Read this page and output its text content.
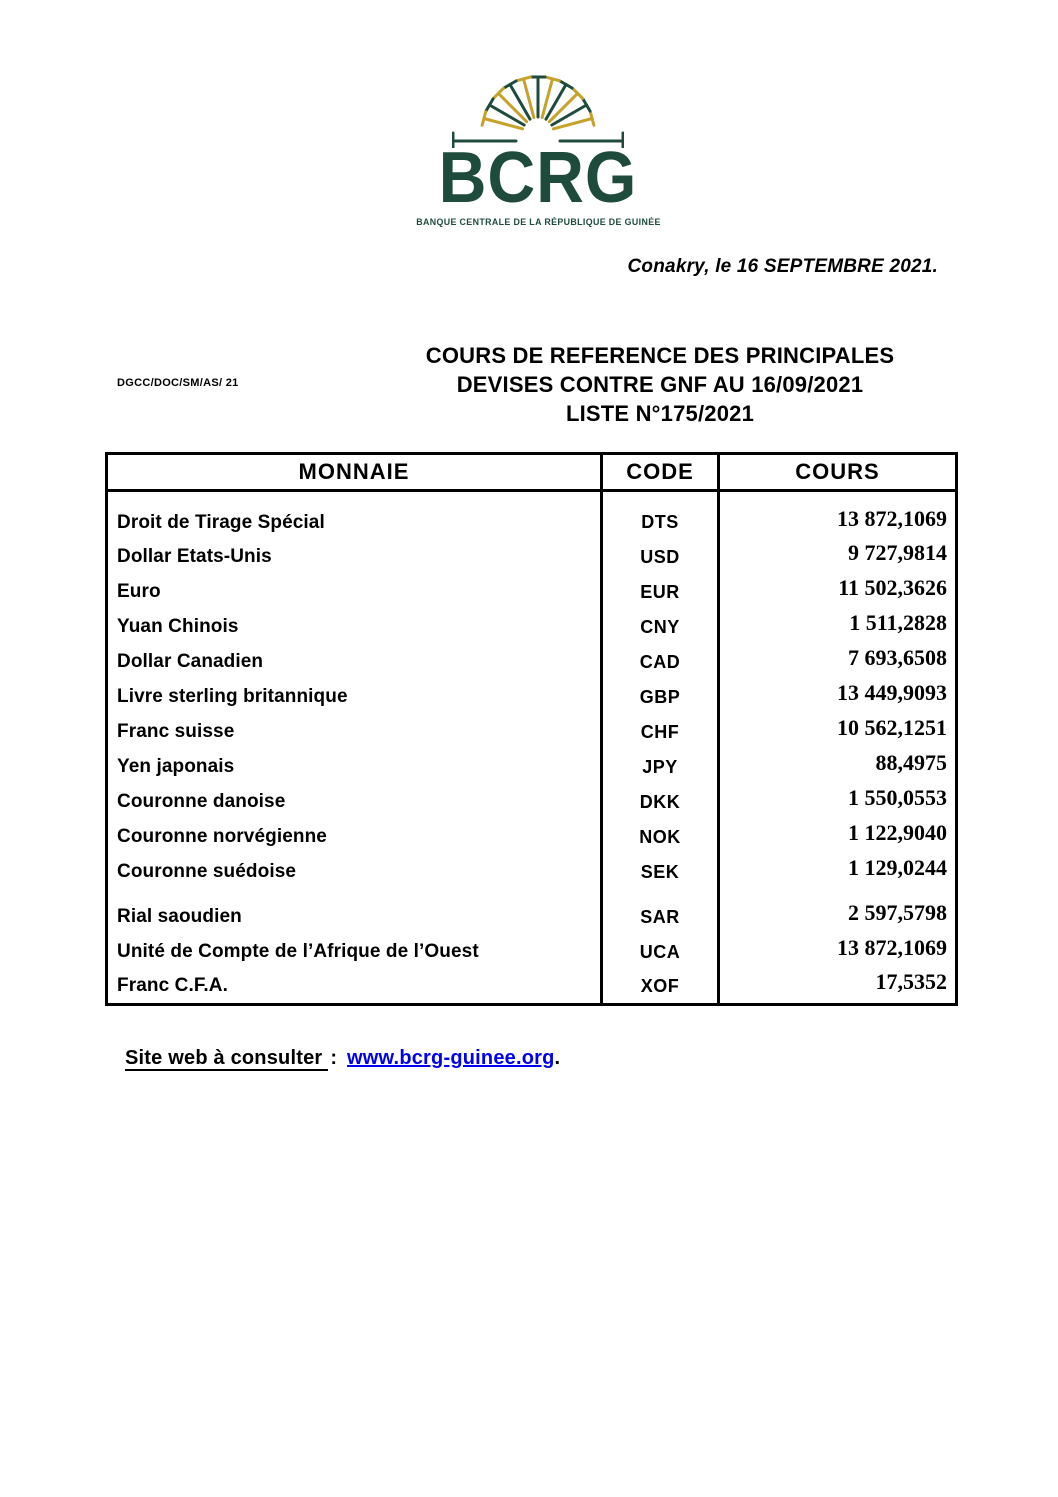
BCRG
BANQUE CENTRALE DE LA RÉPUBLIQUE DE GUINÉE
Conakry, le 16 SEPTEMBRE 2021.
DGCC/DOC/SM/AS/ 21
COURS DE REFERENCE DES PRINCIPALES
DEVISES CONTRE GNF AU 16/09/2021
LISTE N°175/2021
MONNAIE	CODE	COURS
Droit de Tirage Spécial	DTS	13 872,1069
Dollar Etats-Unis	USD	9 727,9814
Euro	EUR	11 502,3626
Yuan Chinois	CNY	1 511,2828
Dollar Canadien	CAD	7 693,6508
Livre sterling britannique	GBP	13 449,9093
Franc suisse	CHF	10 562,1251
Yen japonais	JPY	88,4975
Couronne danoise	DKK	1 550,0553
Couronne norvégienne	NOK	1 122,9040
Couronne suédoise	SEK	1 129,0244
Rial saoudien	SAR	2 597,5798
Unité de Compte de l’Afrique de l’Ouest	UCA	13 872,1069
Franc C.F.A.	XOF	17,5352
Site web à consulter : www.bcrg-guinee.org.
